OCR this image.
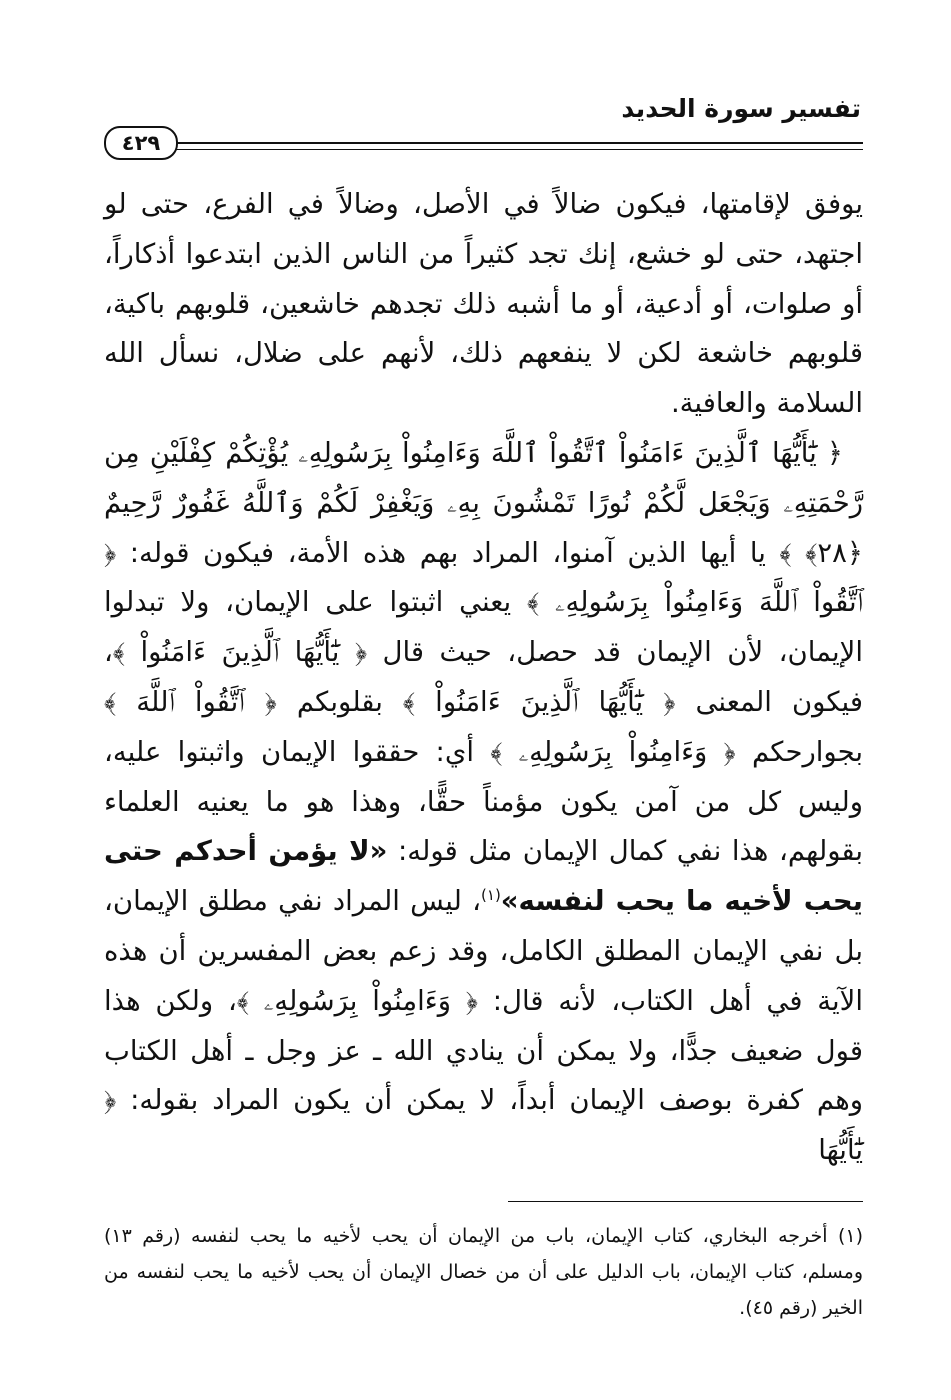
تفسير سورة الحديد
٤٢٩

يوفق لإقامتها، فيكون ضالاً في الأصل، وضالاً في الفرع، حتى لو اجتهد، حتى لو خشع، إنك تجد كثيراً من الناس الذين ابتدعوا أذكاراً، أو صلوات، أو أدعية، أو ما أشبه ذلك تجدهم خاشعين، قلوبهم باكية، قلوبهم خاشعة لكن لا ينفعهم ذلك، لأنهم على ضلال، نسأل الله السلامة والعافية.

﴿ يَٰٓأَيُّهَا ٱلَّذِينَ ءَامَنُواْ ٱتَّقُواْ ٱللَّهَ وَءَامِنُواْ بِرَسُولِهِۦ يُؤْتِكُمْ كِفْلَيْنِ مِن رَّحْمَتِهِۦ وَيَجْعَل لَّكُمْ نُورًا تَمْشُونَ بِهِۦ وَيَغْفِرْ لَكُمْ وَٱللَّهُ غَفُورٌ رَّحِيمٌ ﴿٢٨﴾ ﴾ يا أيها الذين آمنوا، المراد بهم هذه الأمة، فيكون قوله: ﴿ ٱتَّقُواْ ٱللَّهَ وَءَامِنُواْ بِرَسُولِهِۦ ﴾ يعني اثبتوا على الإيمان، ولا تبدلوا الإيمان، لأن الإيمان قد حصل، حيث قال ﴿ يَٰٓأَيُّهَا ٱلَّذِينَ ءَامَنُواْ ﴾، فيكون المعنى ﴿ يَٰٓأَيُّهَا ٱلَّذِينَ ءَامَنُواْ ﴾ بقلوبكم ﴿ ٱتَّقُواْ ٱللَّهَ ﴾ بجوارحكم ﴿ وَءَامِنُواْ بِرَسُولِهِۦ ﴾ أي: حققوا الإيمان واثبتوا عليه، وليس كل من آمن يكون مؤمناً حقًّا، وهذا هو ما يعنيه العلماء بقولهم، هذا نفي كمال الإيمان مثل قوله: «لا يؤمن أحدكم حتى يحب لأخيه ما يحب لنفسه»$^{(١)}$، ليس المراد نفي مطلق الإيمان، بل نفي الإيمان المطلق الكامل، وقد زعم بعض المفسرين أن هذه الآية في أهل الكتاب، لأنه قال: ﴿ وَءَامِنُواْ بِرَسُولِهِۦ ﴾، ولكن هذا قول ضعيف جدًّا، ولا يمكن أن ينادي الله ـ عز وجل ـ أهل الكتاب وهم كفرة بوصف الإيمان أبداً، لا يمكن أن يكون المراد بقوله: ﴿ يَٰٓأَيُّهَا

(١) أخرجه البخاري، كتاب الإيمان، باب من الإيمان أن يحب لأخيه ما يحب لنفسه (رقم ١٣) ومسلم، كتاب الإيمان، باب الدليل على أن من خصال الإيمان أن يحب لأخيه ما يحب لنفسه من الخير (رقم ٤٥).
